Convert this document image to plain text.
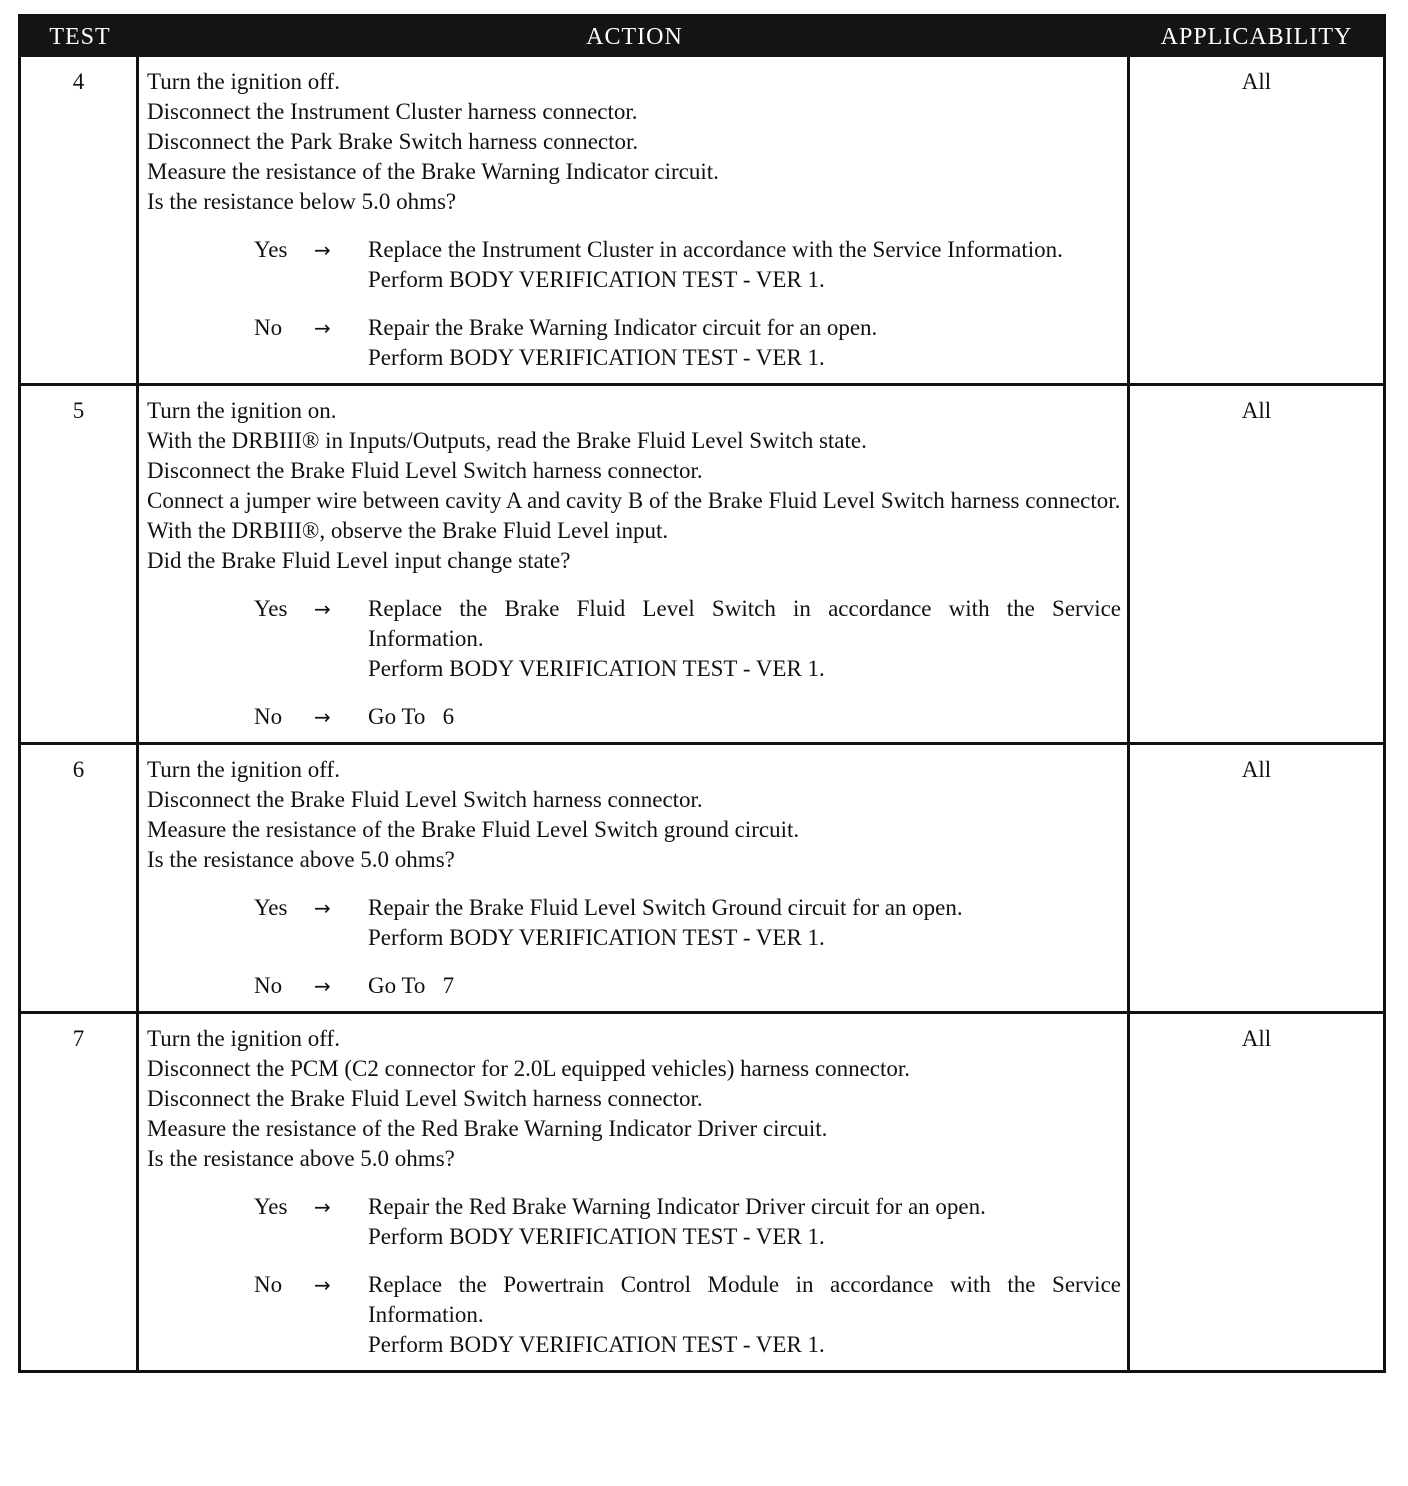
TEST	ACTION	APPLICABILITY
4	Turn the ignition off.
Disconnect the Instrument Cluster harness connector.
Disconnect the Park Brake Switch harness connector.
Measure the resistance of the Brake Warning Indicator circuit.
Is the resistance below 5.0 ohms?
Yes	→	Replace the Instrument Cluster in accordance with the Service Information.
Perform BODY VERIFICATION TEST - VER 1.
No	→	Repair the Brake Warning Indicator circuit for an open.
Perform BODY VERIFICATION TEST - VER 1.
All
5	Turn the ignition on.
With the DRBIII® in Inputs/Outputs, read the Brake Fluid Level Switch state.
Disconnect the Brake Fluid Level Switch harness connector.
Connect a jumper wire between cavity A and cavity B of the Brake Fluid Level Switch harness connector.
With the DRBIII®, observe the Brake Fluid Level input.
Did the Brake Fluid Level input change state?
Yes	→	Replace the Brake Fluid Level Switch in accordance with the Service Information.
Perform BODY VERIFICATION TEST - VER 1.
No	→	Go To   6
All
6	Turn the ignition off.
Disconnect the Brake Fluid Level Switch harness connector.
Measure the resistance of the Brake Fluid Level Switch ground circuit.
Is the resistance above 5.0 ohms?
Yes	→	Repair the Brake Fluid Level Switch Ground circuit for an open.
Perform BODY VERIFICATION TEST - VER 1.
No	→	Go To   7
All
7	Turn the ignition off.
Disconnect the PCM (C2 connector for 2.0L equipped vehicles) harness connector.
Disconnect the Brake Fluid Level Switch harness connector.
Measure the resistance of the Red Brake Warning Indicator Driver circuit.
Is the resistance above 5.0 ohms?
Yes	→	Repair the Red Brake Warning Indicator Driver circuit for an open.
Perform BODY VERIFICATION TEST - VER 1.
No	→	Replace the Powertrain Control Module in accordance with the Service Information.
Perform BODY VERIFICATION TEST - VER 1.
All
